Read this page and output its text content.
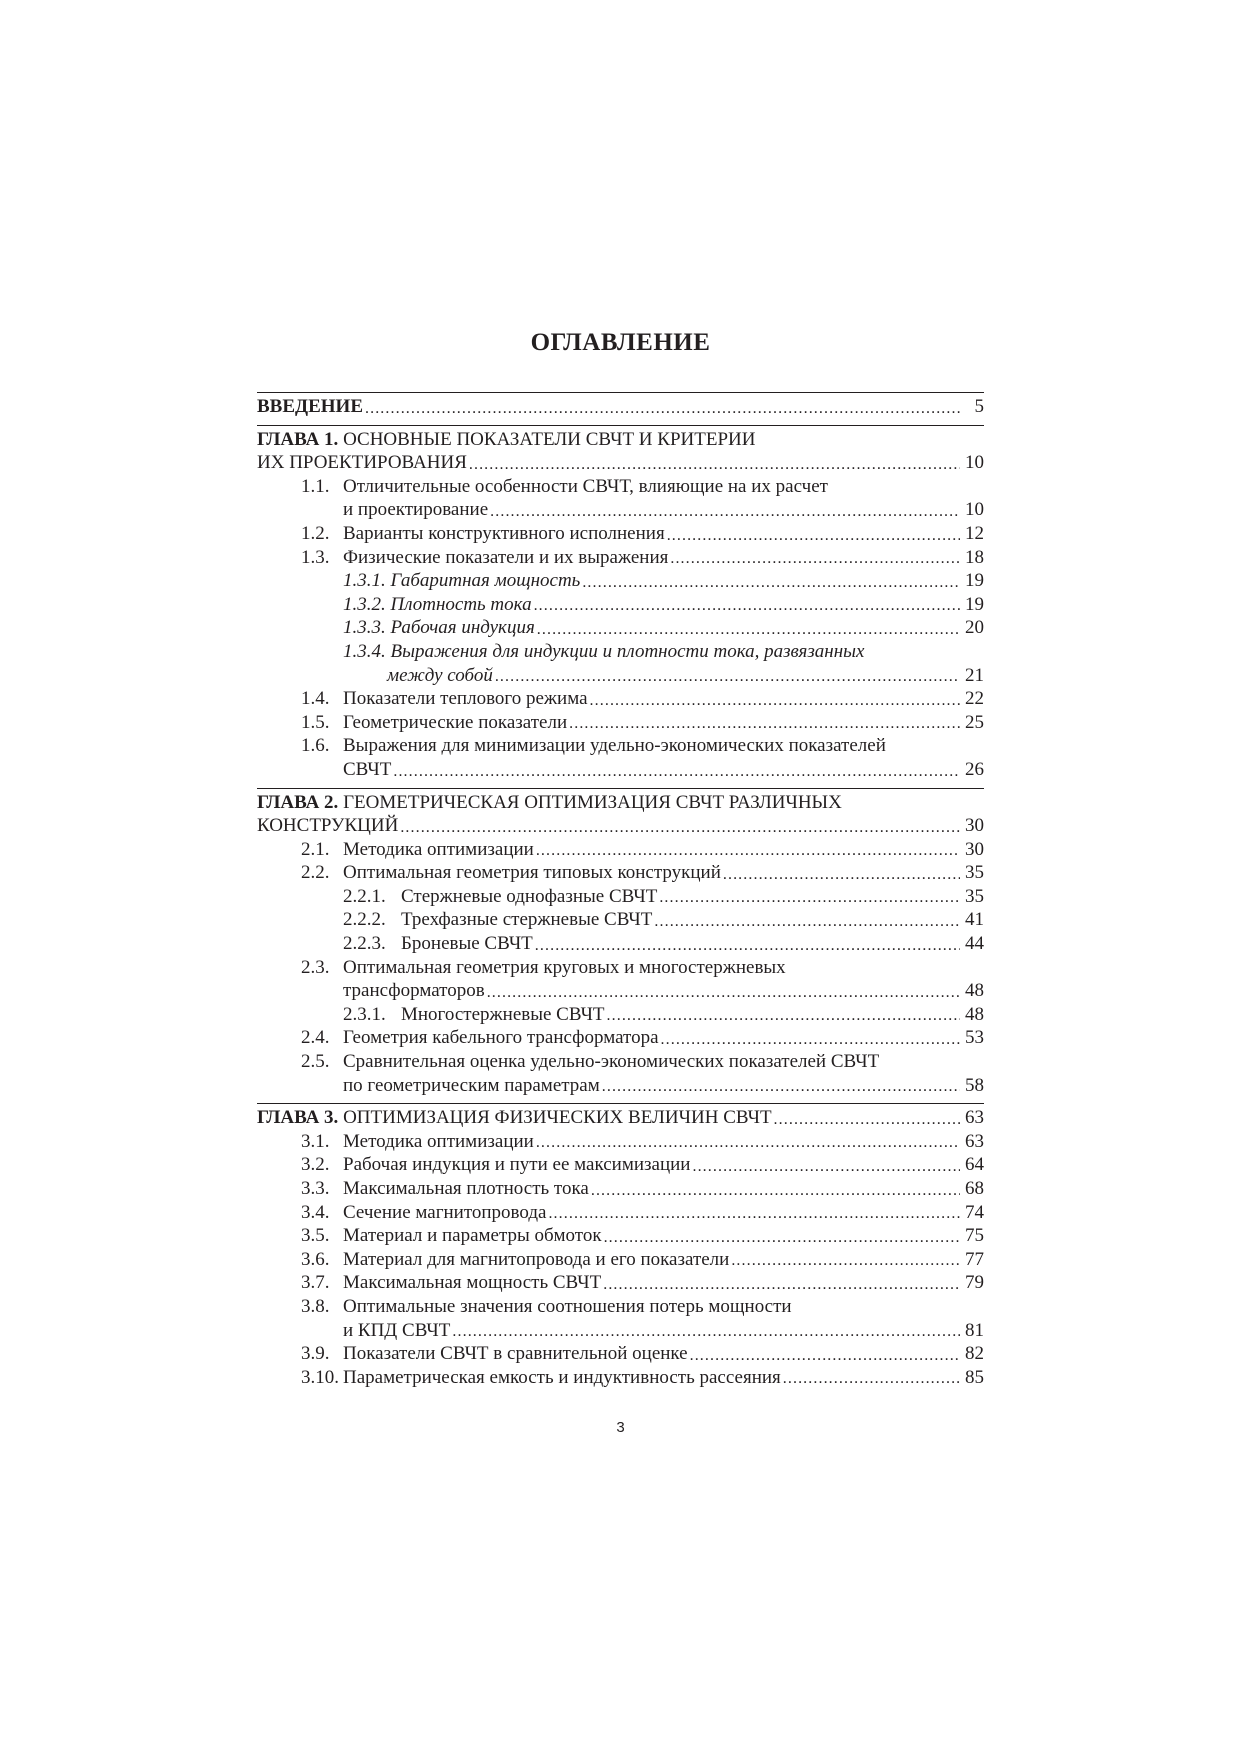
ОГЛАВЛЕНИЕ
ВВЕДЕНИЕ .....	5
ГЛАВА 1. ОСНОВНЫЕ ПОКАЗАТЕЛИ СВЧТ И КРИТЕРИИ
ИХ ПРОЕКТИРОВАНИЯ .....	10
1.1. Отличительные особенности СВЧТ, влияющие на их расчет
и проектирование .....	10
1.2. Варианты конструктивного исполнения .....	12
1.3. Физические показатели и их выражения .....	18
1.3.1. Габаритная мощность .....	19
1.3.2. Плотность тока .....	19
1.3.3. Рабочая индукция .....	20
1.3.4. Выражения для индукции и плотности тока, развязанных
между собой .....	21
1.4. Показатели теплового режима .....	22
1.5. Геометрические показатели .....	25
1.6. Выражения для минимизации удельно-экономических показателей
СВЧТ .....	26
ГЛАВА 2. ГЕОМЕТРИЧЕСКАЯ ОПТИМИЗАЦИЯ СВЧТ РАЗЛИЧНЫХ
КОНСТРУКЦИЙ .....	30
2.1. Методика оптимизации .....	30
2.2. Оптимальная геометрия типовых конструкций .....	35
2.2.1. Стержневые однофазные СВЧТ .....	35
2.2.2. Трехфазные стержневые СВЧТ .....	41
2.2.3. Броневые СВЧТ .....	44
2.3. Оптимальная геометрия круговых и многостержневых
трансформаторов .....	48
2.3.1. Многостержневые СВЧТ .....	48
2.4. Геометрия кабельного трансформатора .....	53
2.5. Сравнительная оценка удельно-экономических показателей СВЧТ
по геометрическим параметрам .....	58
ГЛАВА 3. ОПТИМИЗАЦИЯ ФИЗИЧЕСКИХ ВЕЛИЧИН СВЧТ .....	63
3.1. Методика оптимизации .....	63
3.2. Рабочая индукция и пути ее максимизации .....	64
3.3. Максимальная плотность тока .....	68
3.4. Сечение магнитопровода .....	74
3.5. Материал и параметры обмоток .....	75
3.6. Материал для магнитопровода и его показатели .....	77
3.7. Максимальная мощность СВЧТ .....	79
3.8. Оптимальные значения соотношения потерь мощности
и КПД СВЧТ .....	81
3.9. Показатели СВЧТ в сравнительной оценке .....	82
3.10. Параметрическая емкость и индуктивность рассеяния .....	85
3
